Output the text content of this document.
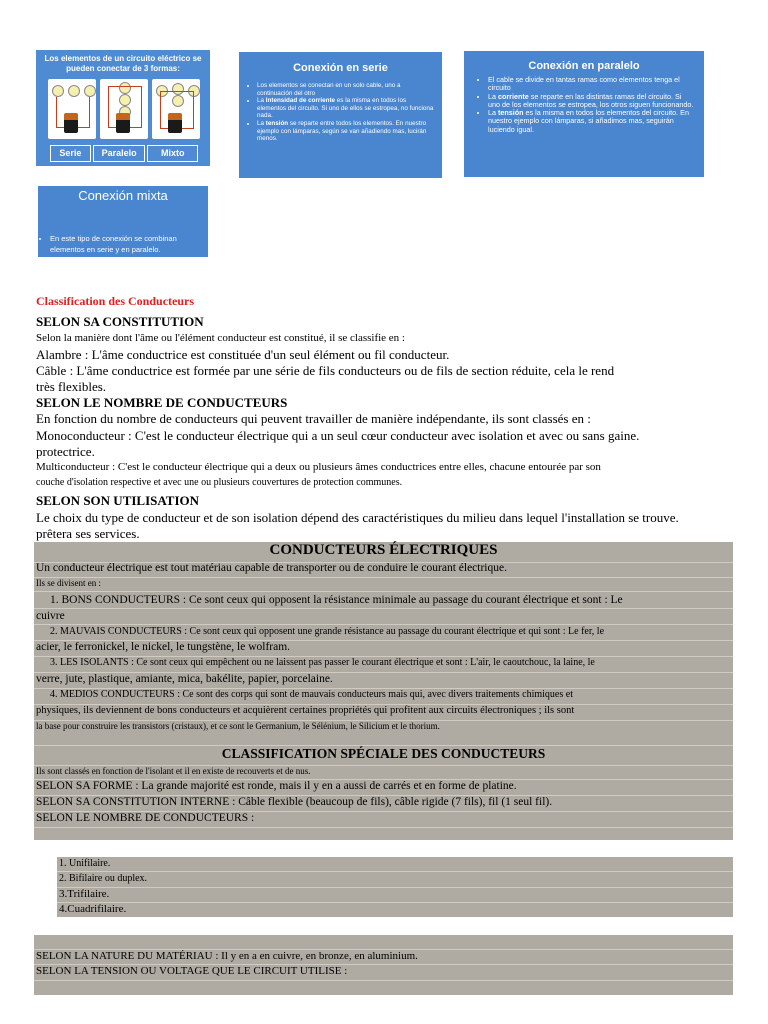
Los elementos de un circuito eléctrico se pueden conectar de 3 formas:
Serie	Paralelo	Mixto
Conexión en serie
• Los elementos se conectan en un solo cable, uno a continuación del otro
• La Intensidad de corriente es la misma en todos los elementos del circuito. Si uno de ellos se estropea, no funciona nada.
• La tensión se reparte entre todos los elementos. En nuestro ejemplo con lámparas, según se van añadiendo mas, lucirán menos.
Conexión en paralelo
• El cable se divide en tantas ramas como elementos tenga el circuito
• La corriente se reparte en las distintas ramas del circuito. Si uno de los elementos se estropea, los otros siguen funcionando.
• La tensión es la misma en todos los elementos del circuito. En nuestro ejemplo con lámparas, si añadimos mas, seguirán luciendo igual.
Conexión mixta
• En este tipo de conexión se combinan elementos en serie y en paralelo.
Classification des Conducteurs
SELON SA CONSTITUTION
Selon la manière dont l'âme ou l'élément conducteur est constitué, il se classifie en :
Alambre : L'âme conductrice est constituée d'un seul élément ou fil conducteur.
Câble : L'âme conductrice est formée par une série de fils conducteurs ou de fils de section réduite, cela le rend
très flexibles.
SELON LE NOMBRE DE CONDUCTEURS
En fonction du nombre de conducteurs qui peuvent travailler de manière indépendante, ils sont classés en :
Monoconducteur : C'est le conducteur électrique qui a un seul cœur conducteur avec isolation et avec ou sans gaine.
protectrice.
Multiconducteur : C'est le conducteur électrique qui a deux ou plusieurs âmes conductrices entre elles, chacune entourée par son
couche d'isolation respective et avec une ou plusieurs couvertures de protection communes.
SELON SON UTILISATION
Le choix du type de conducteur et de son isolation dépend des caractéristiques du milieu dans lequel l'installation se trouve.
prêtera ses services.
CONDUCTEURS ÉLECTRIQUES
Un conducteur électrique est tout matériau capable de transporter ou de conduire le courant électrique.
Ils se divisent en :
1. BONS CONDUCTEURS : Ce sont ceux qui opposent la résistance minimale au passage du courant électrique et sont : Le
cuivre
2. MAUVAIS CONDUCTEURS : Ce sont ceux qui opposent une grande résistance au passage du courant électrique et qui sont : Le fer, le
acier, le ferronickel, le nickel, le tungstène, le wolfram.
3. LES ISOLANTS : Ce sont ceux qui empêchent ou ne laissent pas passer le courant électrique et sont : L'air, le caoutchouc, la laine, le
verre, jute, plastique, amiante, mica, bakélite, papier, porcelaine.
4. MEDIOS CONDUCTEURS : Ce sont des corps qui sont de mauvais conducteurs mais qui, avec divers traitements chimiques et
physiques, ils deviennent de bons conducteurs et acquièrent certaines propriétés qui profitent aux circuits électroniques ; ils sont
la base pour construire les transistors (cristaux), et ce sont le Germanium, le Sélénium, le Silicium et le thorium.
CLASSIFICATION SPÉCIALE DES CONDUCTEURS
Ils sont classés en fonction de l'isolant et il en existe de recouverts et de nus.
SELON SA FORME : La grande majorité est ronde, mais il y en a aussi de carrés et en forme de platine.
SELON SA CONSTITUTION INTERNE : Câble flexible (beaucoup de fils), câble rigide (7 fils), fil (1 seul fil).
SELON LE NOMBRE DE CONDUCTEURS :
1. Unifilaire.
2. Bifilaire ou duplex.
3.Trifilaire.
4.Cuadrifilaire.
SELON LA NATURE DU MATÉRIAU : Il y en a en cuivre, en bronze, en aluminium.
SELON LA TENSION OU VOLTAGE QUE LE CIRCUIT UTILISE :
